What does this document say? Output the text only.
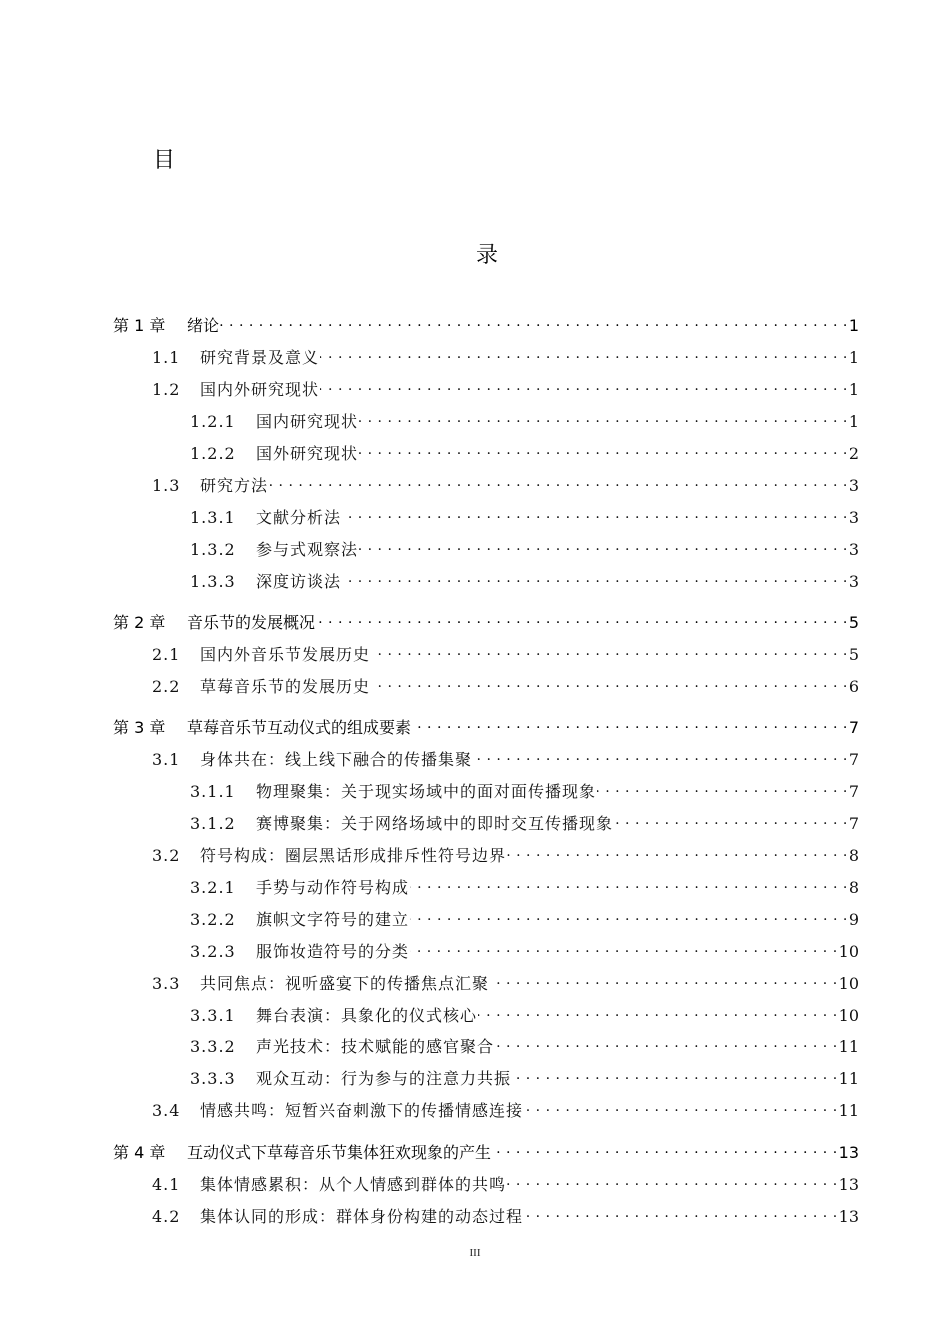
目
录
第 1 章	绪论 . . .	1
1.1	研究背景及意义 . . .	1
1.2	国内外研究现状 . . .	1
1.2.1	国内研究现状 . . .	1
1.2.2	国外研究现状 . . .	2
1.3	研究方法 . . .	3
1.3.1	文献分析法 . . .	3
1.3.2	参与式观察法 . . .	3
1.3.3	深度访谈法 . . .	3
第 2 章	音乐节的发展概况 . . .	5
2.1	国内外音乐节发展历史 . . .	5
2.2	草莓音乐节的发展历史 . . .	6
第 3 章	草莓音乐节互动仪式的组成要素 . . .	7
3.1	身体共在：线上线下融合的传播集聚 . . .	7
3.1.1	物理聚集：关于现实场域中的面对面传播现象 . . .	7
3.1.2	赛博聚集：关于网络场域中的即时交互传播现象 . . .	7
3.2	符号构成：圈层黑话形成排斥性符号边界 . . .	8
3.2.1	手势与动作符号构成 . . .	8
3.2.2	旗帜文字符号的建立 . . .	9
3.2.3	服饰妆造符号的分类 . . .	10
3.3	共同焦点：视听盛宴下的传播焦点汇聚 . . .	10
3.3.1	舞台表演：具象化的仪式核心 . . .	10
3.3.2	声光技术：技术赋能的感官聚合 . . .	11
3.3.3	观众互动：行为参与的注意力共振 . . .	11
3.4	情感共鸣：短暂兴奋刺激下的传播情感连接 . . .	11
第 4 章	互动仪式下草莓音乐节集体狂欢现象的产生 . . .	13
4.1	集体情感累积：从个人情感到群体的共鸣 . . .	13
4.2	集体认同的形成：群体身份构建的动态过程 . . .	13
III
